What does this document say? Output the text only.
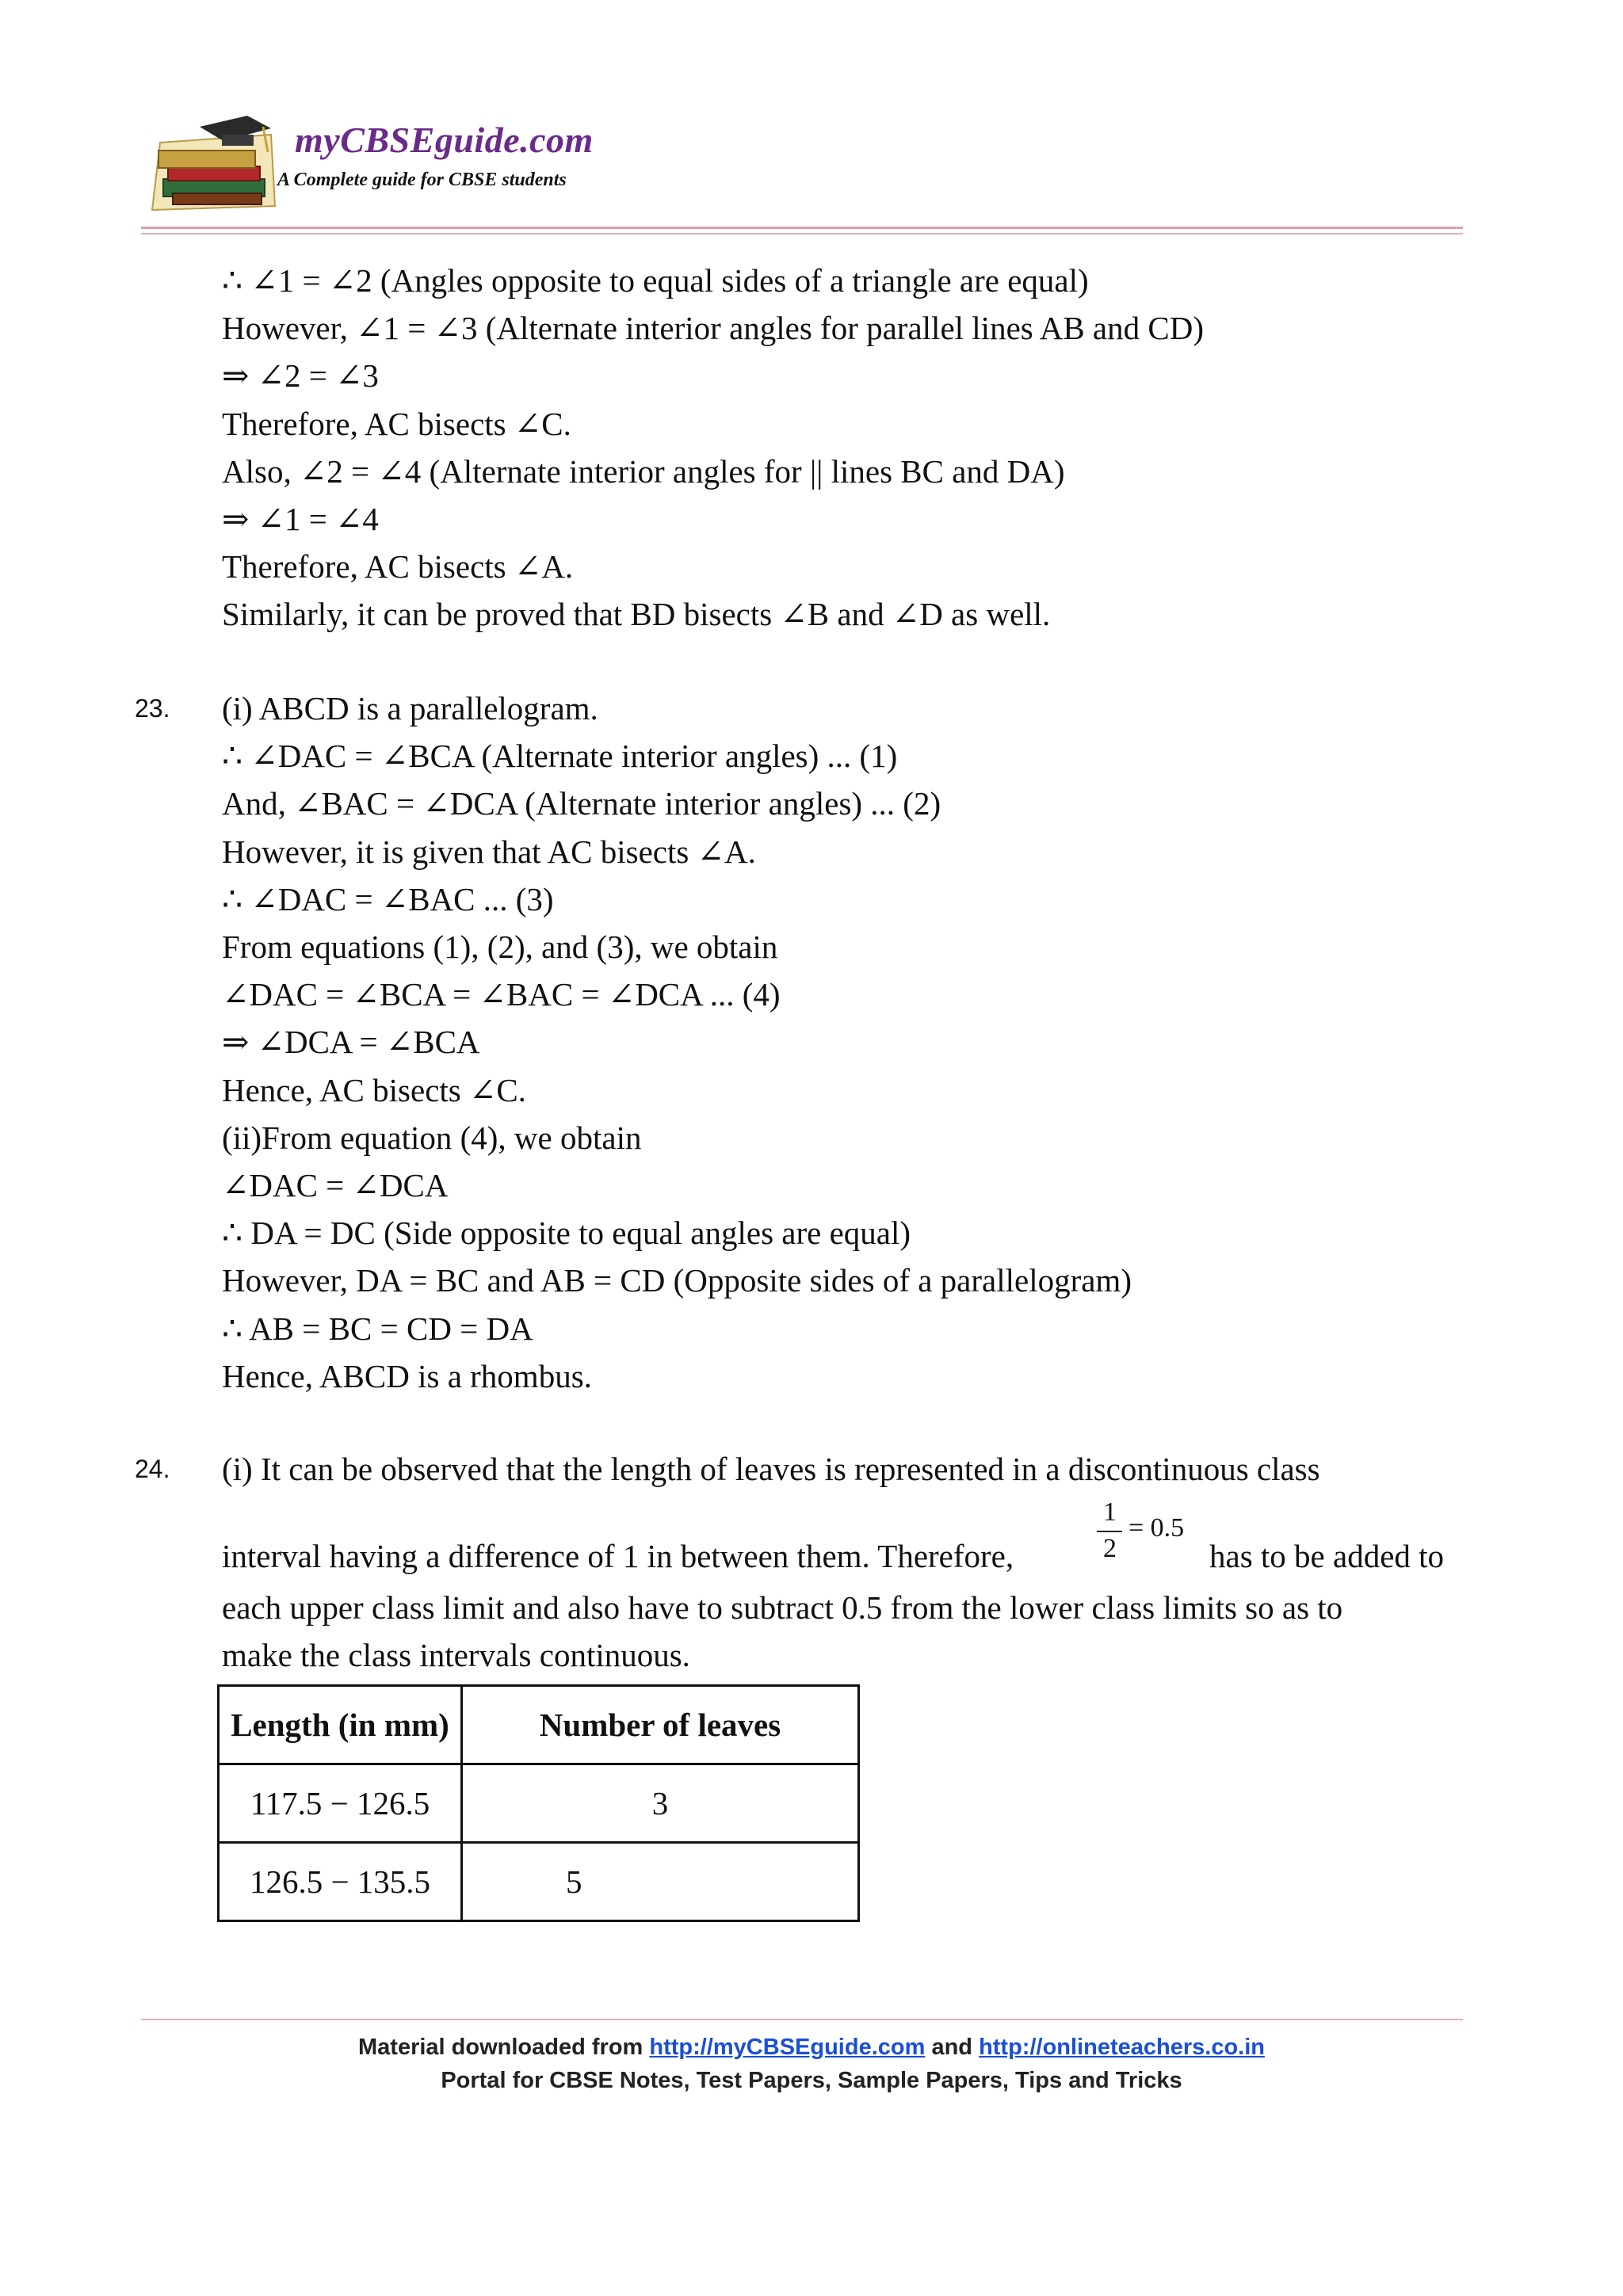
myCBSEguide.com
A Complete guide for CBSE students
∴ ∠1 = ∠2 (Angles opposite to equal sides of a triangle are equal)
However, ∠1 = ∠3 (Alternate interior angles for parallel lines AB and CD)
⇒ ∠2 = ∠3
Therefore, AC bisects ∠C.
Also, ∠2 = ∠4 (Alternate interior angles for || lines BC and DA)
⇒ ∠1 = ∠4
Therefore, AC bisects ∠A.
Similarly, it can be proved that BD bisects ∠B and ∠D as well.
23. (i) ABCD is a parallelogram.
∴ ∠DAC = ∠BCA (Alternate interior angles) ... (1)
And, ∠BAC = ∠DCA (Alternate interior angles) ... (2)
However, it is given that AC bisects ∠A.
∴ ∠DAC = ∠BAC ... (3)
From equations (1), (2), and (3), we obtain
∠DAC = ∠BCA = ∠BAC = ∠DCA ... (4)
⇒ ∠DCA = ∠BCA
Hence, AC bisects ∠C.
(ii)From equation (4), we obtain
∠DAC = ∠DCA
∴ DA = DC (Side opposite to equal angles are equal)
However, DA = BC and AB = CD (Opposite sides of a parallelogram)
∴ AB = BC = CD = DA
Hence, ABCD is a rhombus.
24. (i) It can be observed that the length of leaves is represented in a discontinuous class
interval having a difference of 1 in between them. Therefore,
1
2
= 0.5
has to be added to
each upper class limit and also have to subtract 0.5 from the lower class limits so as to
make the class intervals continuous.
Length (in mm)	Number of leaves
117.5 − 126.5	3
126.5 − 135.5	5
Material downloaded from http://myCBSEguide.com and http://onlineteachers.co.in
Portal for CBSE Notes, Test Papers, Sample Papers, Tips and Tricks
